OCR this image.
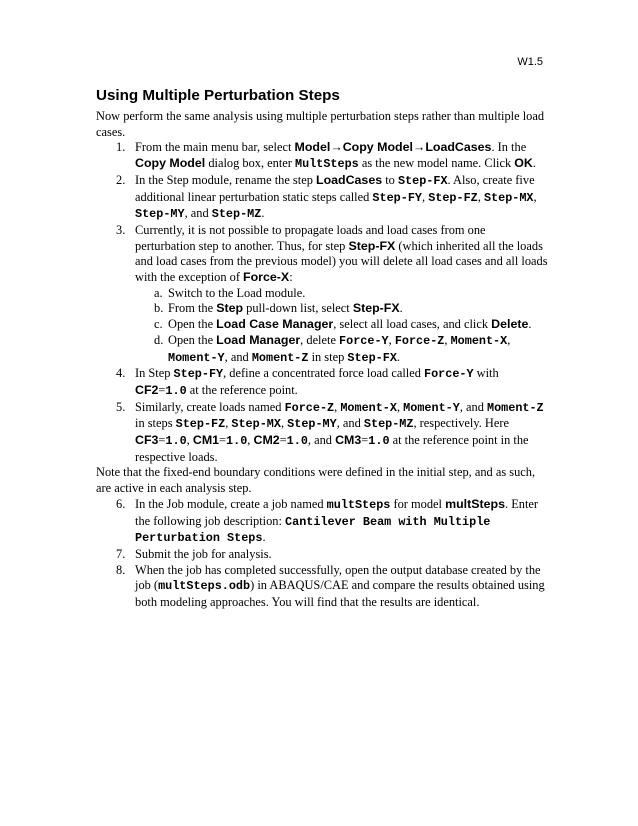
W1.5
Using Multiple Perturbation Steps

Now perform the same analysis using multiple perturbation steps rather than multiple load cases.

1. From the main menu bar, select Model→Copy Model→LoadCases. In the Copy Model dialog box, enter MultSteps as the new model name. Click OK.
2. In the Step module, rename the step LoadCases to Step-FX. Also, create five additional linear perturbation static steps called Step-FY, Step-FZ, Step-MX, Step-MY, and Step-MZ.
3. Currently, it is not possible to propagate loads and load cases from one perturbation step to another. Thus, for step Step-FX (which inherited all the loads and load cases from the previous model) you will delete all load cases and all loads with the exception of Force-X:
a. Switch to the Load module.
b. From the Step pull-down list, select Step-FX.
c. Open the Load Case Manager, select all load cases, and click Delete.
d. Open the Load Manager, delete Force-Y, Force-Z, Moment-X, Moment-Y, and Moment-Z in step Step-FX.
4. In Step Step-FY, define a concentrated force load called Force-Y with CF2=1.0 at the reference point.
5. Similarly, create loads named Force-Z, Moment-X, Moment-Y, and Moment-Z in steps Step-FZ, Step-MX, Step-MY, and Step-MZ, respectively. Here CF3=1.0, CM1=1.0, CM2=1.0, and CM3=1.0 at the reference point in the respective loads.

Note that the fixed-end boundary conditions were defined in the initial step, and as such, are active in each analysis step.

6. In the Job module, create a job named multSteps for model multSteps. Enter the following job description: Cantilever Beam with Multiple Perturbation Steps.
7. Submit the job for analysis.
8. When the job has completed successfully, open the output database created by the job (multSteps.odb) in ABAQUS/CAE and compare the results obtained using both modeling approaches. You will find that the results are identical.
